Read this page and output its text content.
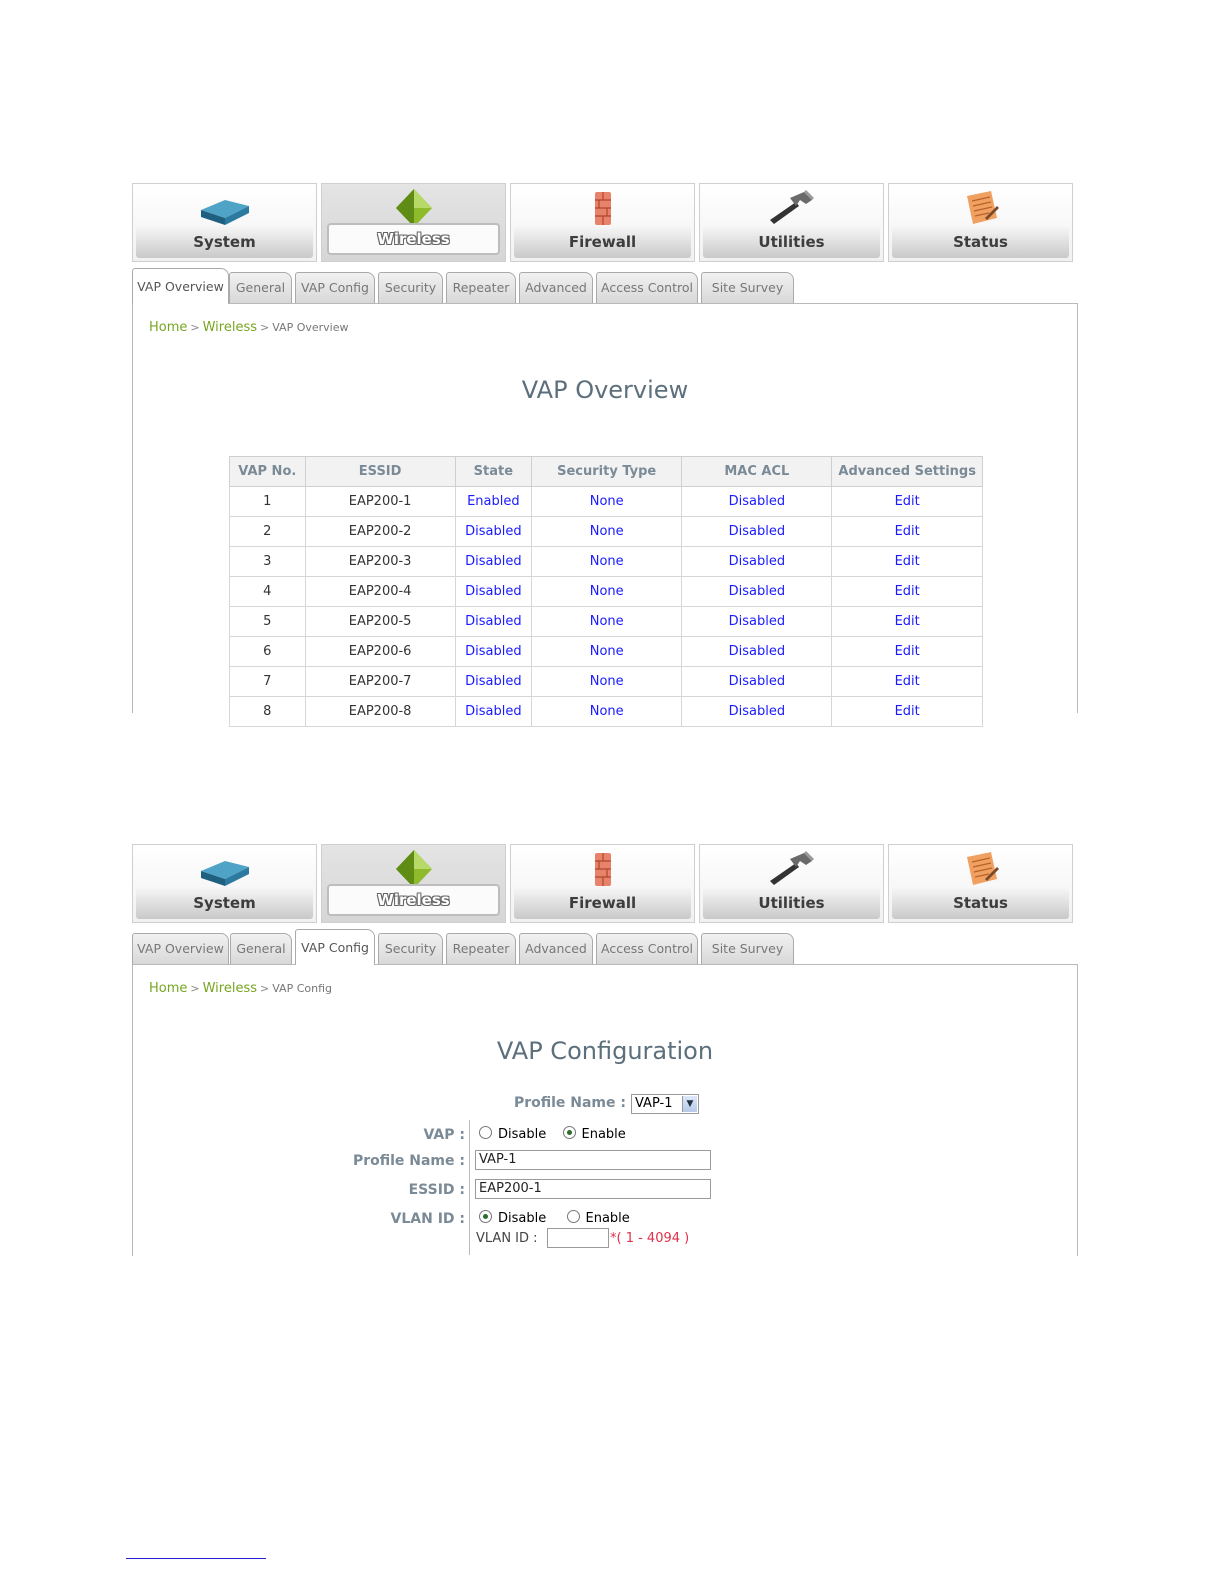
System	Wireless	Firewall	Utilities	Status
VAP Overview General	VAP Config	Security	Repeater	Advanced	Access Control	Site Survey
Home > Wireless > VAP Overview
VAP Overview
VAP No.	ESSID	State	Security Type	MAC ACL	Advanced Settings
1	EAP200-1	Enabled	None	Disabled	Edit
2	EAP200-2	Disabled	None	Disabled	Edit
3	EAP200-3	Disabled	None	Disabled	Edit
4	EAP200-4	Disabled	None	Disabled	Edit
5	EAP200-5	Disabled	None	Disabled	Edit
6	EAP200-6	Disabled	None	Disabled	Edit
7	EAP200-7	Disabled	None	Disabled	Edit
8	EAP200-8	Disabled	None	Disabled	Edit
System	Wireless	Firewall	Utilities	Status
VAP Overview	General	VAP Config	Security	Repeater	Advanced	Access Control	Site Survey
Home > Wireless > VAP Config
VAP Configuration
Profile Name : VAP-1	▼
VAP :	Disable	Enable
Profile Name :	VAP-1
ESSID :	EAP200-1
VLAN ID :	Disable	Enable
VLAN ID :	*( 1 - 4094 )
